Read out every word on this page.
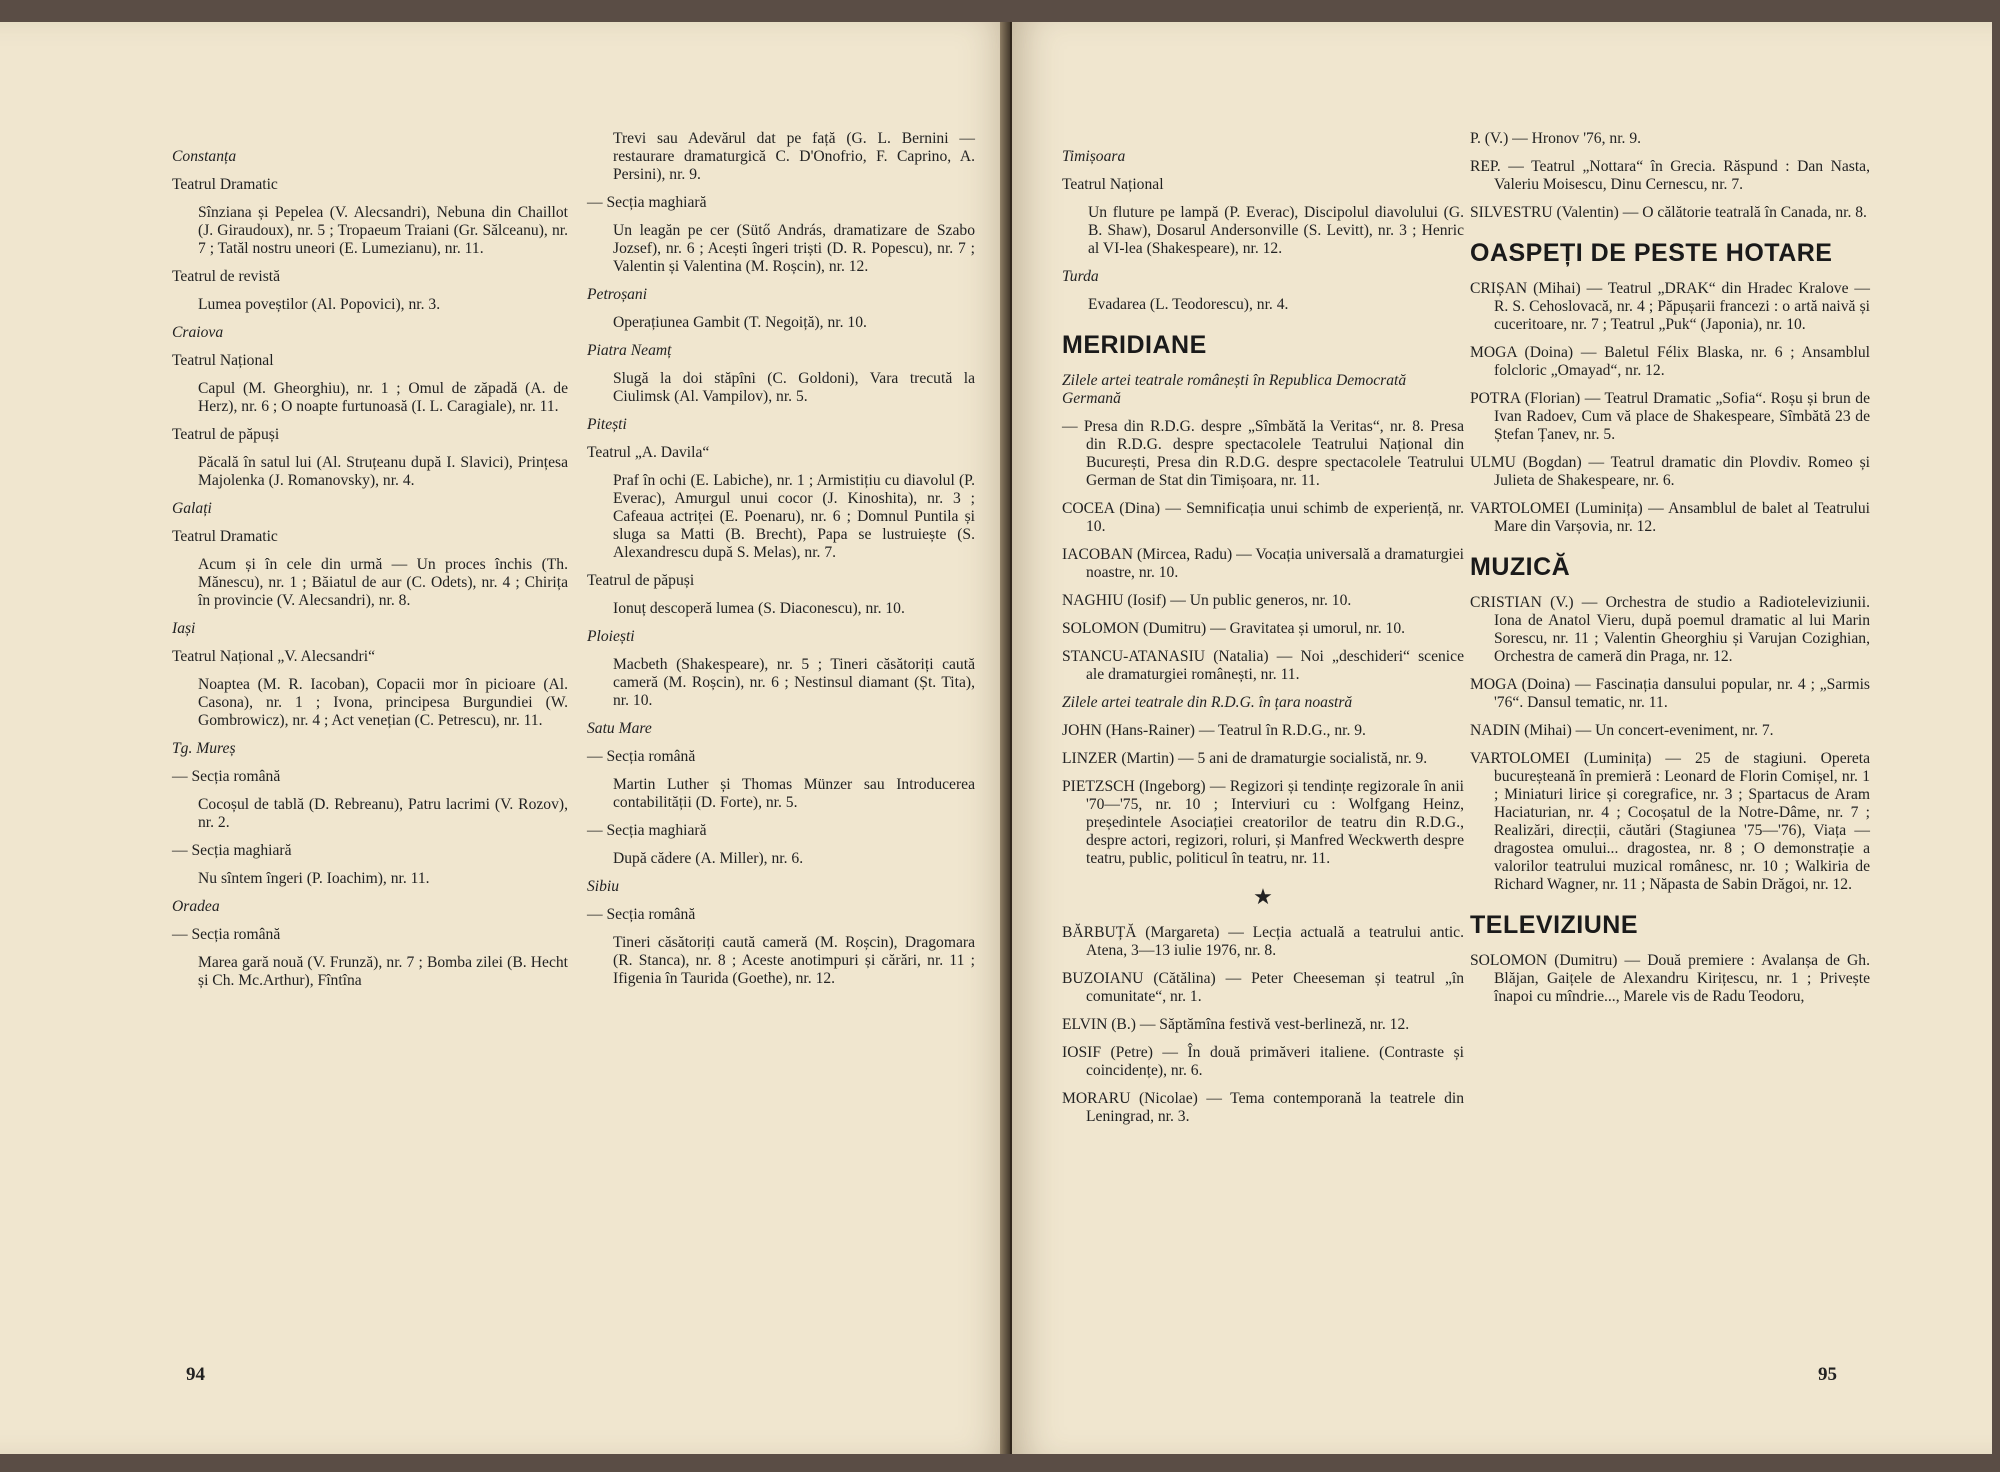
Constanța

Teatrul Dramatic

Sînziana și Pepelea (V. Alecsandri), Nebuna din Chaillot (J. Giraudoux), nr. 5 ; Tropaeum Traiani (Gr. Sălceanu), nr. 7 ; Tatăl nostru uneori (E. Lumezianu), nr. 11.

Teatrul de revistă

Lumea poveștilor (Al. Popovici), nr. 3.

Craiova

Teatrul Național

Capul (M. Gheorghiu), nr. 1 ; Omul de zăpadă (A. de Herz), nr. 6 ; O noapte furtunoasă (I. L. Caragiale), nr. 11.

Teatrul de păpuși

Păcală în satul lui (Al. Struțeanu după I. Slavici), Prințesa Majolenka (J. Romanovsky), nr. 4.

Galați

Teatrul Dramatic

Acum și în cele din urmă — Un proces închis (Th. Mănescu), nr. 1 ; Băiatul de aur (C. Odets), nr. 4 ; Chirița în provincie (V. Alecsandri), nr. 8.

Iași

Teatrul Național „V. Alecsandri“

Noaptea (M. R. Iacoban), Copacii mor în picioare (Al. Casona), nr. 1 ; Ivona, principesa Burgundiei (W. Gombrowicz), nr. 4 ; Act venețian (C. Petrescu), nr. 11.

Tg. Mureș

— Secția română

Cocoșul de tablă (D. Rebreanu), Patru lacrimi (V. Rozov), nr. 2.

— Secția maghiară

Nu sîntem îngeri (P. Ioachim), nr. 11.

Oradea

— Secția română

Marea gară nouă (V. Frunză), nr. 7 ; Bomba zilei (B. Hecht și Ch. Mc.Arthur), Fîntîna

Trevi sau Adevărul dat pe față (G. L. Bernini — restaurare dramaturgică C. D'Onofrio, F. Caprino, A. Persini), nr. 9.

— Secția maghiară

Un leagăn pe cer (Sütő András, dramatizare de Szabo Jozsef), nr. 6 ; Acești îngeri triști (D. R. Popescu), nr. 7 ; Valentin și Valentina (M. Roșcin), nr. 12.

Petroșani

Operațiunea Gambit (T. Negoiță), nr. 10.

Piatra Neamț

Slugă la doi stăpîni (C. Goldoni), Vara trecută la Ciulimsk (Al. Vampilov), nr. 5.

Pitești

Teatrul „A. Davila“

Praf în ochi (E. Labiche), nr. 1 ; Armistițiu cu diavolul (P. Everac), Amurgul unui cocor (J. Kinoshita), nr. 3 ; Cafeaua actriței (E. Poenaru), nr. 6 ; Domnul Puntila și sluga sa Matti (B. Brecht), Papa se lustruiește (S. Alexandrescu după S. Melas), nr. 7.

Teatrul de păpuși

Ionuț descoperă lumea (S. Diaconescu), nr. 10.

Ploiești

Macbeth (Shakespeare), nr. 5 ; Tineri căsătoriți caută cameră (M. Roșcin), nr. 6 ; Nestinsul diamant (Șt. Tita), nr. 10.

Satu Mare

— Secția română

Martin Luther și Thomas Münzer sau Introducerea contabilității (D. Forte), nr. 5.

— Secția maghiară

După cădere (A. Miller), nr. 6.

Sibiu

— Secția română

Tineri căsătoriți caută cameră (M. Roșcin), Dragomara (R. Stanca), nr. 8 ; Aceste anotimpuri și cărări, nr. 11 ; Ifigenia în Taurida (Goethe), nr. 12.

94

Timișoara

Teatrul Național

Un fluture pe lampă (P. Everac), Discipolul diavolului (G. B. Shaw), Dosarul Andersonville (S. Levitt), nr. 3 ; Henric al VI-lea (Shakespeare), nr. 12.

Turda

Evadarea (L. Teodorescu), nr. 4.

MERIDIANE

Zilele artei teatrale românești în Republica Democrată Germană

— Presa din R.D.G. despre „Sîmbătă la Veritas“, nr. 8. Presa din R.D.G. despre spectacolele Teatrului Național din București, Presa din R.D.G. despre spectacolele Teatrului German de Stat din Timișoara, nr. 11.

COCEA (Dina) — Semnificația unui schimb de experiență, nr. 10.

IACOBAN (Mircea, Radu) — Vocația universală a dramaturgiei noastre, nr. 10.

NAGHIU (Iosif) — Un public generos, nr. 10.

SOLOMON (Dumitru) — Gravitatea și umorul, nr. 10.

STANCU-ATANASIU (Natalia) — Noi „deschideri“ scenice ale dramaturgiei românești, nr. 11.

Zilele artei teatrale din R.D.G. în țara noastră

JOHN (Hans-Rainer) — Teatrul în R.D.G., nr. 9.

LINZER (Martin) — 5 ani de dramaturgie socialistă, nr. 9.

PIETZSCH (Ingeborg) — Regizori și tendințe regizorale în anii '70—'75, nr. 10 ; Interviuri cu : Wolfgang Heinz, președintele Asociației creatorilor de teatru din R.D.G., despre actori, regizori, roluri, și Manfred Weckwerth despre teatru, public, politicul în teatru, nr. 11.

★

BĂRBUȚĂ (Margareta) — Lecția actuală a teatrului antic. Atena, 3—13 iulie 1976, nr. 8.

BUZOIANU (Cătălina) — Peter Cheeseman și teatrul „în comunitate“, nr. 1.

ELVIN (B.) — Săptămîna festivă vest-berlineză, nr. 12.

IOSIF (Petre) — În două primăveri italiene. (Contraste și coincidențe), nr. 6.

MORARU (Nicolae) — Tema contemporană la teatrele din Leningrad, nr. 3.

P. (V.) — Hronov '76, nr. 9.

REP. — Teatrul „Nottara“ în Grecia. Răspund : Dan Nasta, Valeriu Moisescu, Dinu Cernescu, nr. 7.

SILVESTRU (Valentin) — O călătorie teatrală în Canada, nr. 8.

OASPEȚI DE PESTE HOTARE

CRIȘAN (Mihai) — Teatrul „DRAK“ din Hradec Kralove — R. S. Cehoslovacă, nr. 4 ; Păpușarii francezi : o artă naivă și cuceritoare, nr. 7 ; Teatrul „Puk“ (Japonia), nr. 10.

MOGA (Doina) — Baletul Félix Blaska, nr. 6 ; Ansamblul folcloric „Omayad“, nr. 12.

POTRA (Florian) — Teatrul Dramatic „Sofia“. Roșu și brun de Ivan Radoev, Cum vă place de Shakespeare, Sîmbătă 23 de Ștefan Țanev, nr. 5.

ULMU (Bogdan) — Teatrul dramatic din Plovdiv. Romeo și Julieta de Shakespeare, nr. 6.

VARTOLOMEI (Luminița) — Ansamblul de balet al Teatrului Mare din Varșovia, nr. 12.

MUZICĂ

CRISTIAN (V.) — Orchestra de studio a Radioteleviziunii. Iona de Anatol Vieru, după poemul dramatic al lui Marin Sorescu, nr. 11 ; Valentin Gheorghiu și Varujan Cozighian, Orchestra de cameră din Praga, nr. 12.

MOGA (Doina) — Fascinația dansului popular, nr. 4 ; „Sarmis '76“. Dansul tematic, nr. 11.

NADIN (Mihai) — Un concert-eveniment, nr. 7.

VARTOLOMEI (Luminița) — 25 de stagiuni. Opereta bucureșteană în premieră : Leonard de Florin Comișel, nr. 1 ; Miniaturi lirice și coregrafice, nr. 3 ; Spartacus de Aram Haciaturian, nr. 4 ; Cocoșatul de la Notre-Dâme, nr. 7 ; Realizări, direcții, căutări (Stagiunea '75—'76), Viața — dragostea omului... dragostea, nr. 8 ; O demonstrație a valorilor teatrului muzical românesc, nr. 10 ; Walkiria de Richard Wagner, nr. 11 ; Năpasta de Sabin Drăgoi, nr. 12.

TELEVIZIUNE

SOLOMON (Dumitru) — Două premiere : Avalanșa de Gh. Blăjan, Gaițele de Alexandru Kirițescu, nr. 1 ; Privește înapoi cu mîndrie..., Marele vis de Radu Teodoru,

95
